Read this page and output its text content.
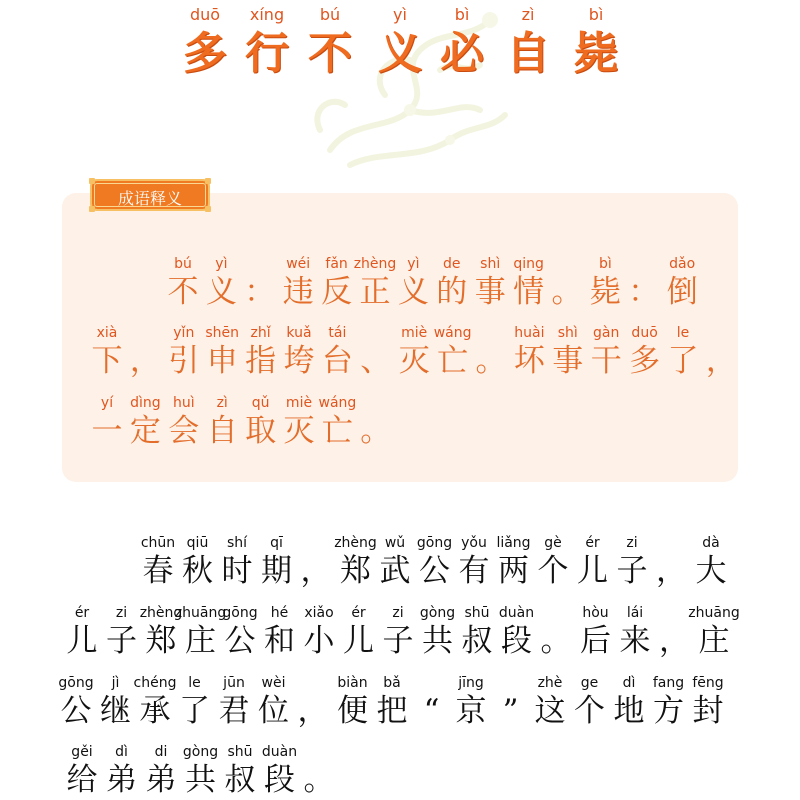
duō
多
xíng
行
bú
不
yì
义
bì
必
zì
自
bì
毙
成语释义
bú
不
yì
义 ：
wéi
违
fǎn
反
zhèng
正
yì
义
de
的
shì
事
qing
情 。
bì
毙 ：
dǎo
倒
xià
下 ，
yǐn
引
shēn
申
zhǐ
指
kuǎ
垮
tái
台 、
miè
灭
wáng
亡 。
huài
坏
shì
事
gàn
干
duō
多
le
了 ，
yí
一
dìng
定
huì
会
zì
自
qǔ
取
miè
灭
wáng
亡 。
chūn
春
qiū
秋
shí
时
qī
期 ，
zhèng
郑
wǔ
武
gōng
公
yǒu
有
liǎng
两
gè
个
ér
儿
zi
子 ，
dà
大
ér
儿
zi
子
zhèng
郑
zhuāng
庄
gōng
公
hé
和
xiǎo
小
ér
儿
zi
子
gòng
共
shū
叔
duàn
段 。
hòu
后
lái
来 ，
zhuāng
庄
gōng
公
jì
继
chéng
承
le
了
jūn
君
wèi
位 ，
biàn
便
bǎ
把 “
jīng
京 ”
zhè
这
ge
个
dì
地
fang
方
fēng
封
gěi
给
dì
弟
di
弟
gòng
共
shū
叔
duàn
段 。
